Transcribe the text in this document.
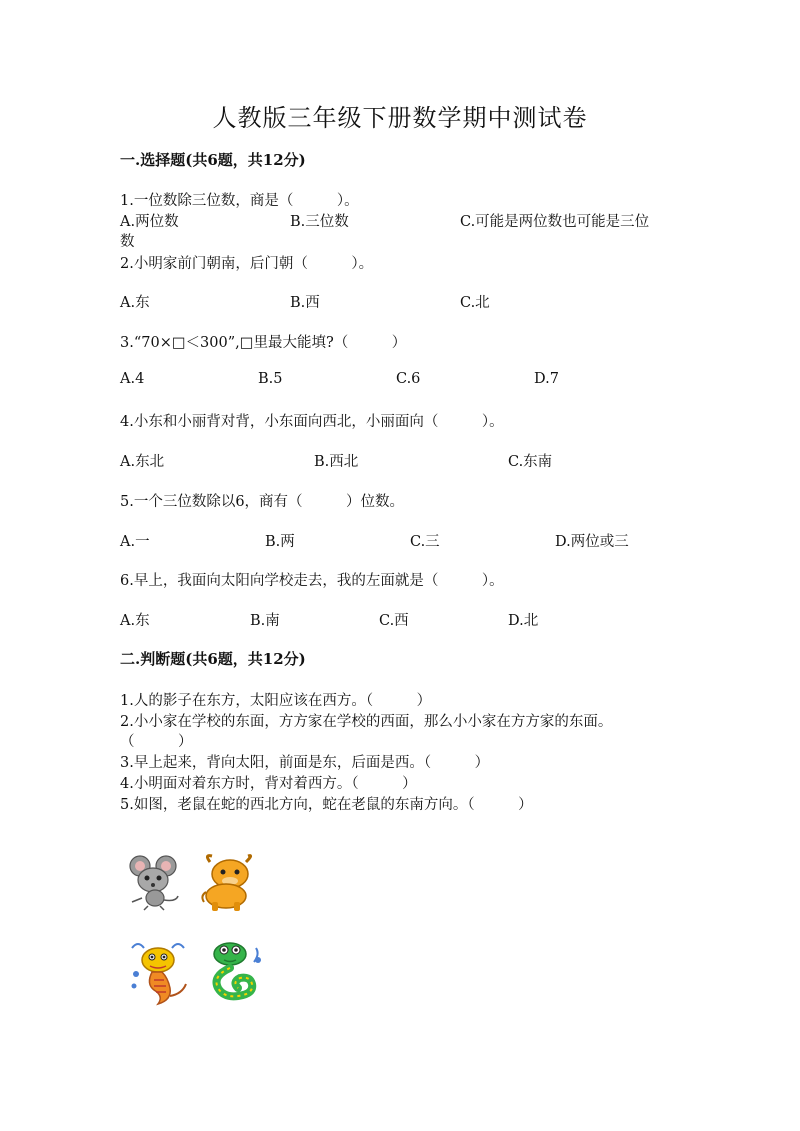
人教版三年级下册数学期中测试卷
一.选择题(共6题，共12分)
1.一位数除三位数，商是（　　　）。
A.两位数	B.三位数	C.可能是两位数也可能是三位
数
2.小明家前门朝南，后门朝（　　　）。
A.东	B.西	C.北
3.“70×□＜300”,□里最大能填?（　　　）
A.4	B.5	C.6	D.7
4.小东和小丽背对背，小东面向西北，小丽面向（　　　）。
A.东北	B.西北	C.东南
5.一个三位数除以6，商有（　　　）位数。
A.一	B.两	C.三	D.两位或三
6.早上，我面向太阳向学校走去，我的左面就是（　　　）。
A.东	B.南	C.西	D.北
二.判断题(共6题，共12分)
1.人的影子在东方，太阳应该在西方。（　　　）
2.小小家在学校的东面，方方家在学校的西面，那么小小家在方方家的东面。
（　　　）
3.早上起来，背向太阳，前面是东，后面是西。（　　　）
4.小明面对着东方时，背对着西方。（　　　）
5.如图，老鼠在蛇的西北方向，蛇在老鼠的东南方向。（　　　）
